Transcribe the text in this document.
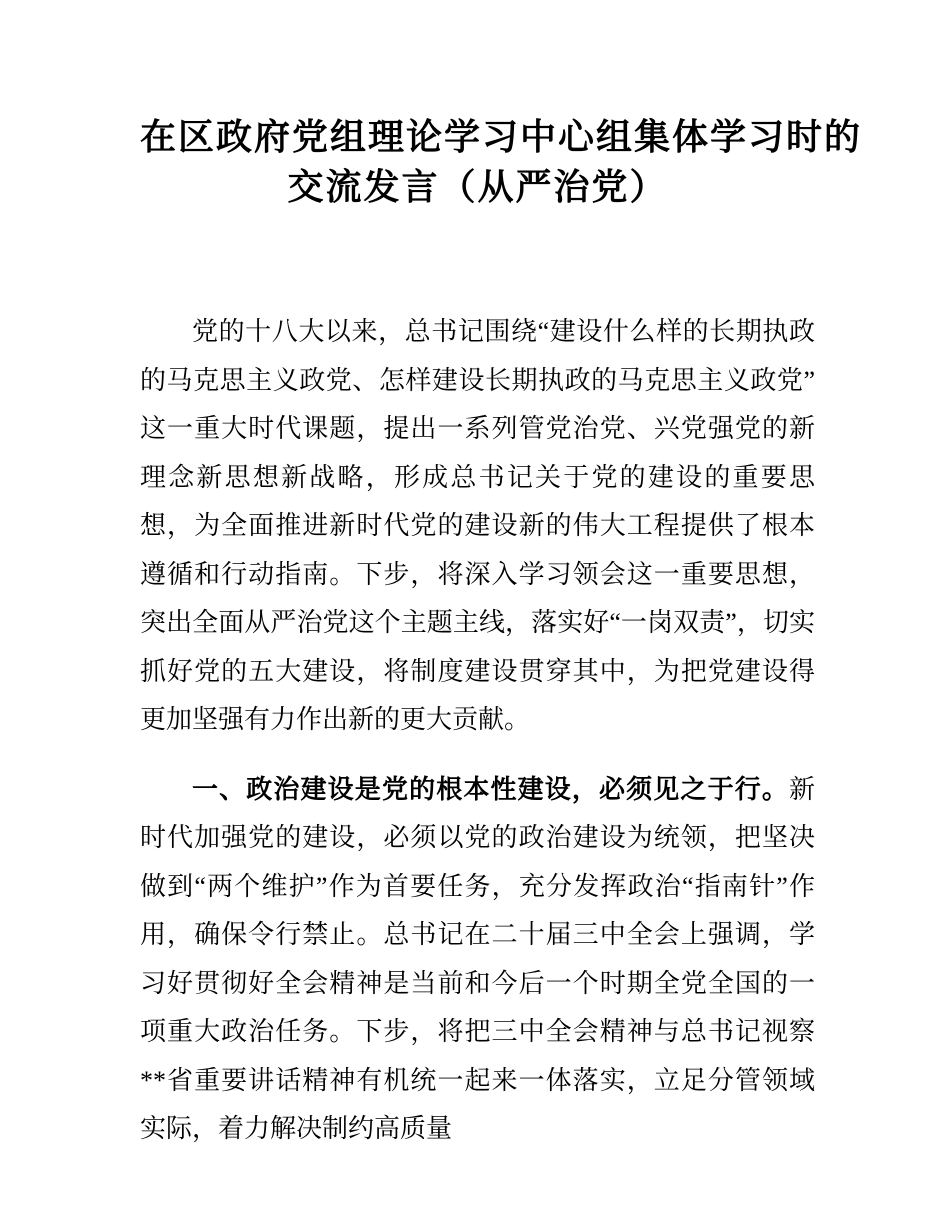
在区政府党组理论学习中心组集体学习时的
交流发言（从严治党）

党的十八大以来，总书记围绕“建设什么样的长期执政的马克思主义政党、怎样建设长期执政的马克思主义政党”这一重大时代课题，提出一系列管党治党、兴党强党的新理念新思想新战略，形成总书记关于党的建设的重要思想，为全面推进新时代党的建设新的伟大工程提供了根本遵循和行动指南。下步，将深入学习领会这一重要思想，突出全面从严治党这个主题主线，落实好“一岗双责”，切实抓好党的五大建设，将制度建设贯穿其中，为把党建设得更加坚强有力作出新的更大贡献。

一、政治建设是党的根本性建设，必须见之于行。新时代加强党的建设，必须以党的政治建设为统领，把坚决做到“两个维护”作为首要任务，充分发挥政治“指南针”作用，确保令行禁止。总书记在二十届三中全会上强调，学习好贯彻好全会精神是当前和今后一个时期全党全国的一项重大政治任务。下步，将把三中全会精神与总书记视察**省重要讲话精神有机统一起来一体落实，立足分管领域实际，着力解决制约高质量
